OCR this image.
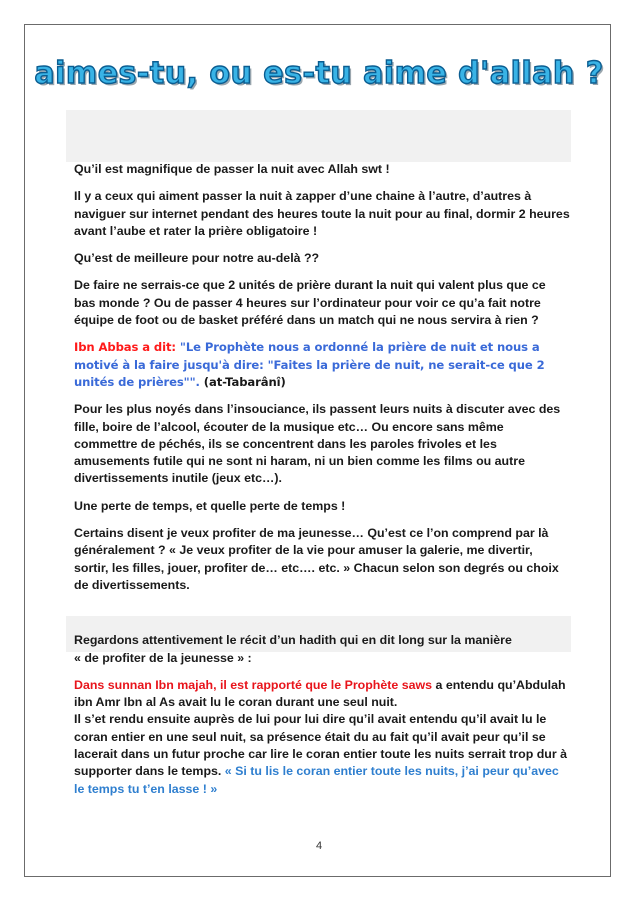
aimes-tu, ou es-tu aime d'allah ?

Qu’il est magnifique de passer la nuit avec Allah swt !

Il y a ceux qui aiment passer la nuit à zapper d’une chaine à l’autre, d’autres à naviguer sur internet pendant des heures toute la nuit pour au final, dormir 2 heures avant l’aube et rater la prière obligatoire !

Qu’est de meilleure pour notre au-delà ??

De faire ne serrais-ce que 2 unités de prière durant la nuit qui valent plus que ce bas monde ? Ou de passer 4 heures sur l’ordinateur pour voir ce qu’a fait notre équipe de foot ou de basket préféré dans un match qui ne nous servira à rien ?

Ibn Abbas a dit: "Le Prophète nous a ordonné la prière de nuit et nous a motivé à la faire jusqu'à dire: "Faites la prière de nuit, ne serait-ce que 2 unités de prières"". (at-Tabarânî)

Pour les plus noyés dans l’insouciance, ils passent leurs nuits à discuter avec des fille, boire de l’alcool, écouter de la musique etc… Ou encore sans même commettre de péchés, ils se concentrent dans les paroles frivoles et les amusements futile qui ne sont ni haram, ni un bien comme les films ou autre divertissements inutile (jeux etc…).

Une perte de temps, et quelle perte de temps !

Certains disent je veux profiter de ma jeunesse… Qu’est ce l’on comprend par là généralement ? « Je veux profiter de la vie pour amuser la galerie, me divertir, sortir, les filles, jouer, profiter de… etc…. etc. » Chacun selon son degrés ou choix de divertissements.

Regardons attentivement le récit d’un hadith qui en dit long sur la manière
« de profiter de la jeunesse » :

Dans sunnan Ibn majah, il est rapporté que le Prophète saws a entendu qu’Abdulah ibn Amr Ibn al As avait lu le coran durant une seul nuit.
Il s’et rendu ensuite auprès de lui pour lui dire qu’il avait entendu qu’il avait lu le coran entier en une seul nuit, sa présence était du au fait qu’il avait peur qu’il se lacerait dans un futur proche car lire le coran entier toute les nuits serrait trop dur à supporter dans le temps. « Si tu lis le coran entier toute les nuits, j’ai peur qu’avec le temps tu t’en lasse ! »

4
